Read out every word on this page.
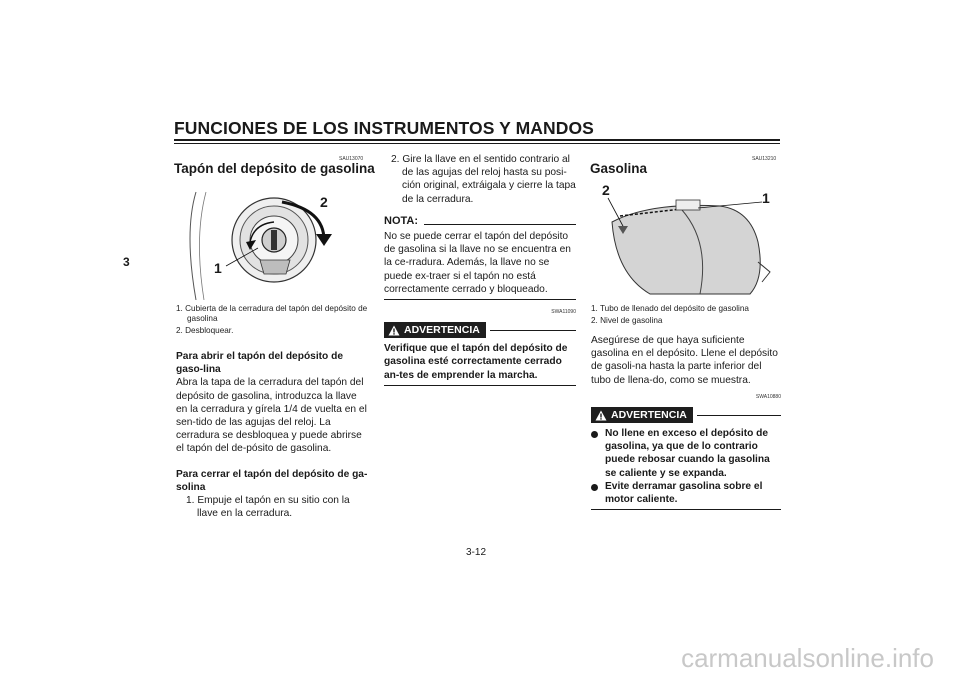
FUNCIONES DE LOS INSTRUMENTOS Y MANDOS
3
SAU13070
Tapón del depósito de gasolina
2
1
1. Cubierta de la cerradura del tapón del depósito de gasolina
2. Desbloquear.

Para abrir el tapón del depósito de gaso-lina

Abra la tapa de la cerradura del tapón del depósito de gasolina, introduzca la llave en la cerradura y gírela 1/4 de vuelta en el sen-tido de las agujas del reloj. La cerradura se desbloquea y puede abrirse el tapón del de-pósito de gasolina.

Para cerrar el tapón del depósito de ga-solina

1. Empuje el tapón en su sitio con la llave en la cerradura.

2. Gire la llave en el sentido contrario al de las agujas del reloj hasta su posi-ción original, extráigala y cierre la tapa de la cerradura.

NOTA:

No se puede cerrar el tapón del depósito de gasolina si la llave no se encuentra en la ce-rradura. Además, la llave no se puede ex-traer si el tapón no está correctamente cerrado y bloqueado.

SWA11090
ADVERTENCIA

Verifique que el tapón del depósito de gasolina esté correctamente cerrado an-tes de emprender la marcha.

SAU13210
Gasolina
2	1
1. Tubo de llenado del depósito de gasolina
2. Nivel de gasolina

Asegúrese de que haya suficiente gasolina en el depósito. Llene el depósito de gasoli-na hasta la parte inferior del tubo de llena-do, como se muestra.

SWA10880
ADVERTENCIA
No llene en exceso el depósito de gasolina, ya que de lo contrario puede rebosar cuando la gasolina se caliente y se expanda.
Evite derramar gasolina sobre el motor caliente.
3-12
carmanualsonline.info
